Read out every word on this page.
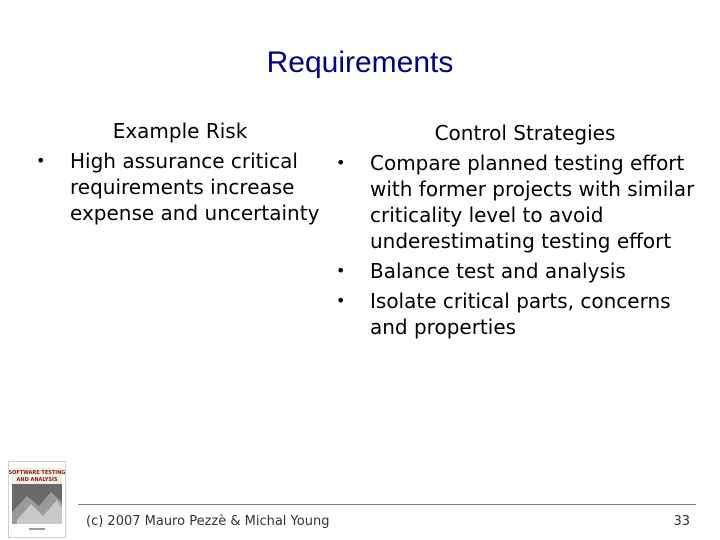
Requirements
Example Risk
• High assurance critical requirements increase expense and uncertainty
Control Strategies
• Compare planned testing effort with former projects with similar criticality level to avoid underestimating testing effort
• Balance test and analysis
• Isolate critical parts, concerns and properties
SOFTWARE TESTING
AND ANALYSIS
(c) 2007 Mauro Pezzè & Michal Young	33
